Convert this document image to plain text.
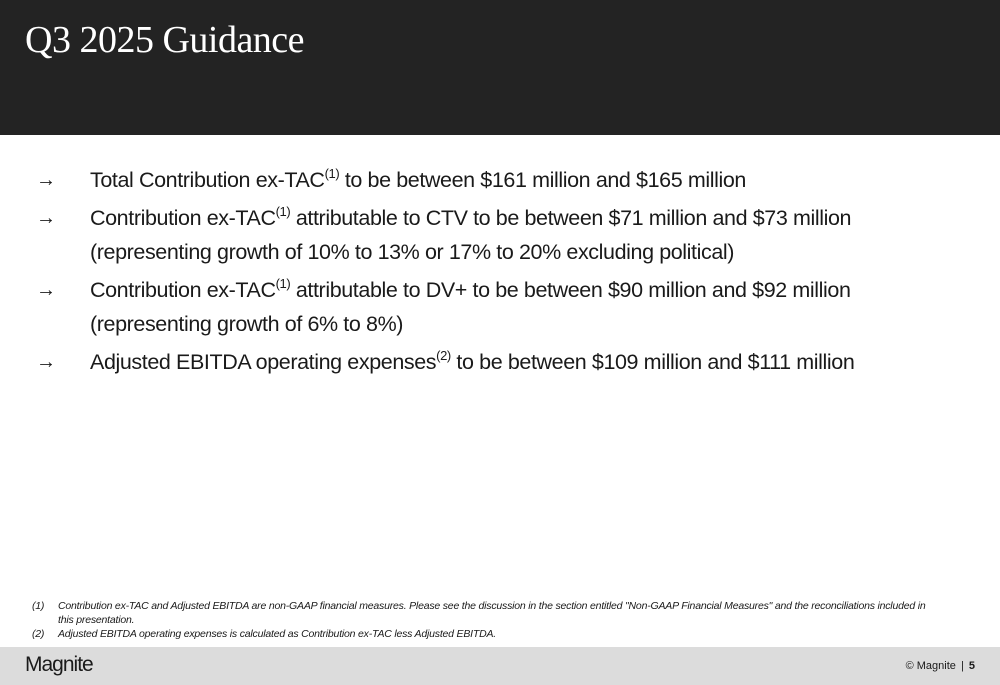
Q3 2025 Guidance
→ Total Contribution ex-TAC$^{(1)}$ to be between $161 million and $165 million
→ Contribution ex-TAC$^{(1)}$ attributable to CTV to be between $71 million and $73 million
(representing growth of 10% to 13% or 17% to 20% excluding political)
→ Contribution ex-TAC$^{(1)}$ attributable to DV+ to be between $90 million and $92 million
(representing growth of 6% to 8%)
→ Adjusted EBITDA operating expenses$^{(2)}$ to be between $109 million and $111 million
(1) Contribution ex-TAC and Adjusted EBITDA are non-GAAP financial measures. Please see the discussion in the section entitled "Non-GAAP Financial Measures" and the reconciliations included in this presentation.
(2) Adjusted EBITDA operating expenses is calculated as Contribution ex-TAC less Adjusted EBITDA.
Magnite	© Magnite | 5
